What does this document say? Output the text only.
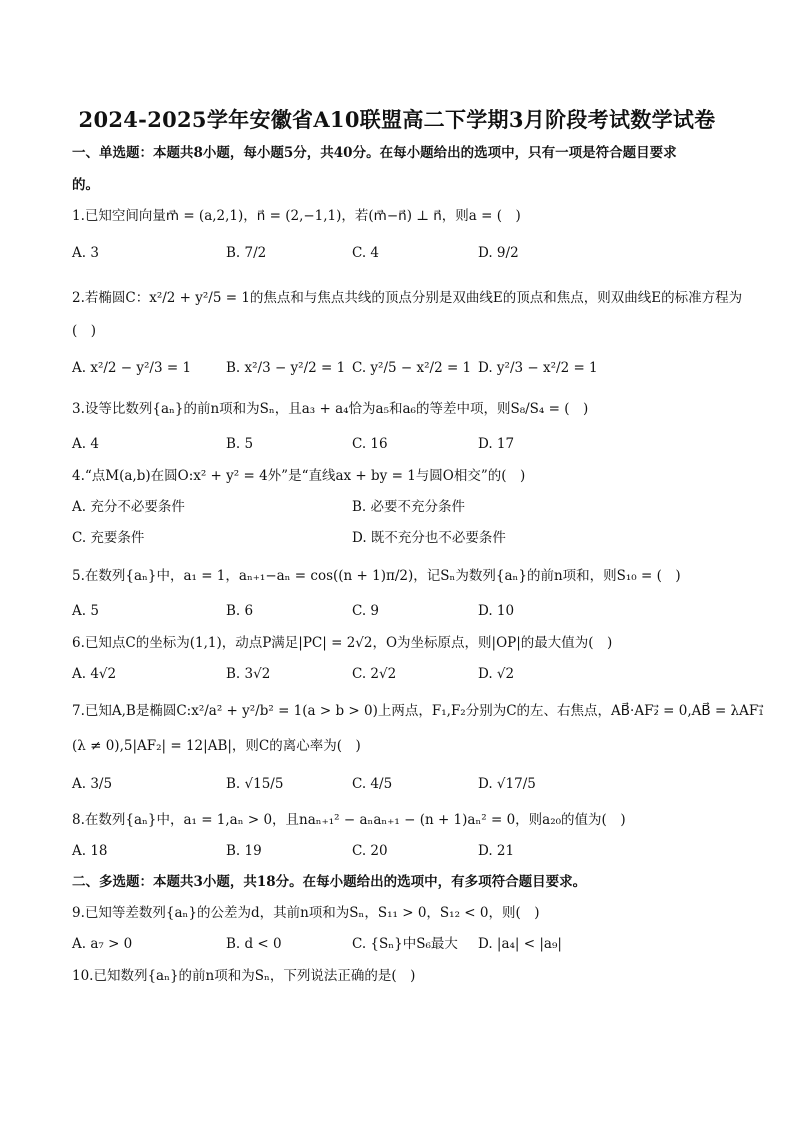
2024-2025学年安徽省A10联盟高二下学期3月阶段考试数学试卷
一、单选题：本题共8小题，每小题5分，共40分。在每小题给出的选项中，只有一项是符合题目要求
的。
1.已知空间向量m⃗ = (a,2,1)，n⃗ = (2,−1,1)，若(m⃗−n⃗) ⊥ n⃗，则a = (　)
A. 3	B. 7/2	C. 4	D. 9/2
2.若椭圆C：x²/2 + y²/5 = 1的焦点和与焦点共线的顶点分别是双曲线E的顶点和焦点，则双曲线E的标准方程为
(　)
A. x²/2 − y²/3 = 1	B. x²/3 − y²/2 = 1 C. y²/5 − x²/2 = 1 D. y²/3 − x²/2 = 1
3.设等比数列{aₙ}的前n项和为Sₙ，且a₃ + a₄恰为a₅和a₆的等差中项，则S₈/S₄ = (　)
A. 4	B. 5	C. 16	D. 17
4.“点M(a,b)在圆O:x² + y² = 4外”是“直线ax + by = 1与圆O相交”的(　)
A. 充分不必要条件	B. 必要不充分条件
C. 充要条件	D. 既不充分也不必要条件
5.在数列{aₙ}中，a₁ = 1，aₙ₊₁−aₙ = cos((n + 1)π/2)，记Sₙ为数列{aₙ}的前n项和，则S₁₀ = (　)
A. 5	B. 6	C. 9	D. 10
6.已知点C的坐标为(1,1)，动点P满足|PC| = 2√2，O为坐标原点，则|OP|的最大值为(　)
A. 4√2	B. 3√2	C. 2√2	D. √2
7.已知A,B是椭圆C:x²/a² + y²/b² = 1(a > b > 0)上两点，F₁,F₂分别为C的左、右焦点，AB⃗·AF₂⃗ = 0,AB⃗ = λAF₁⃗
(λ ≠ 0),5|AF₂| = 12|AB|，则C的离心率为(　)
A. 3/5	B. √15/5	C. 4/5	D. √17/5
8.在数列{aₙ}中，a₁ = 1,aₙ > 0，且naₙ₊₁² − aₙaₙ₊₁ − (n + 1)aₙ² = 0，则a₂₀的值为(　)
A. 18	B. 19	C. 20	D. 21
二、多选题：本题共3小题，共18分。在每小题给出的选项中，有多项符合题目要求。
9.已知等差数列{aₙ}的公差为d，其前n项和为Sₙ，S₁₁ > 0，S₁₂ < 0，则(　)
A. a₇ > 0	B. d < 0	C. {Sₙ}中S₆最大 D. |a₄| < |a₉|
10.已知数列{aₙ}的前n项和为Sₙ，下列说法正确的是(　)
